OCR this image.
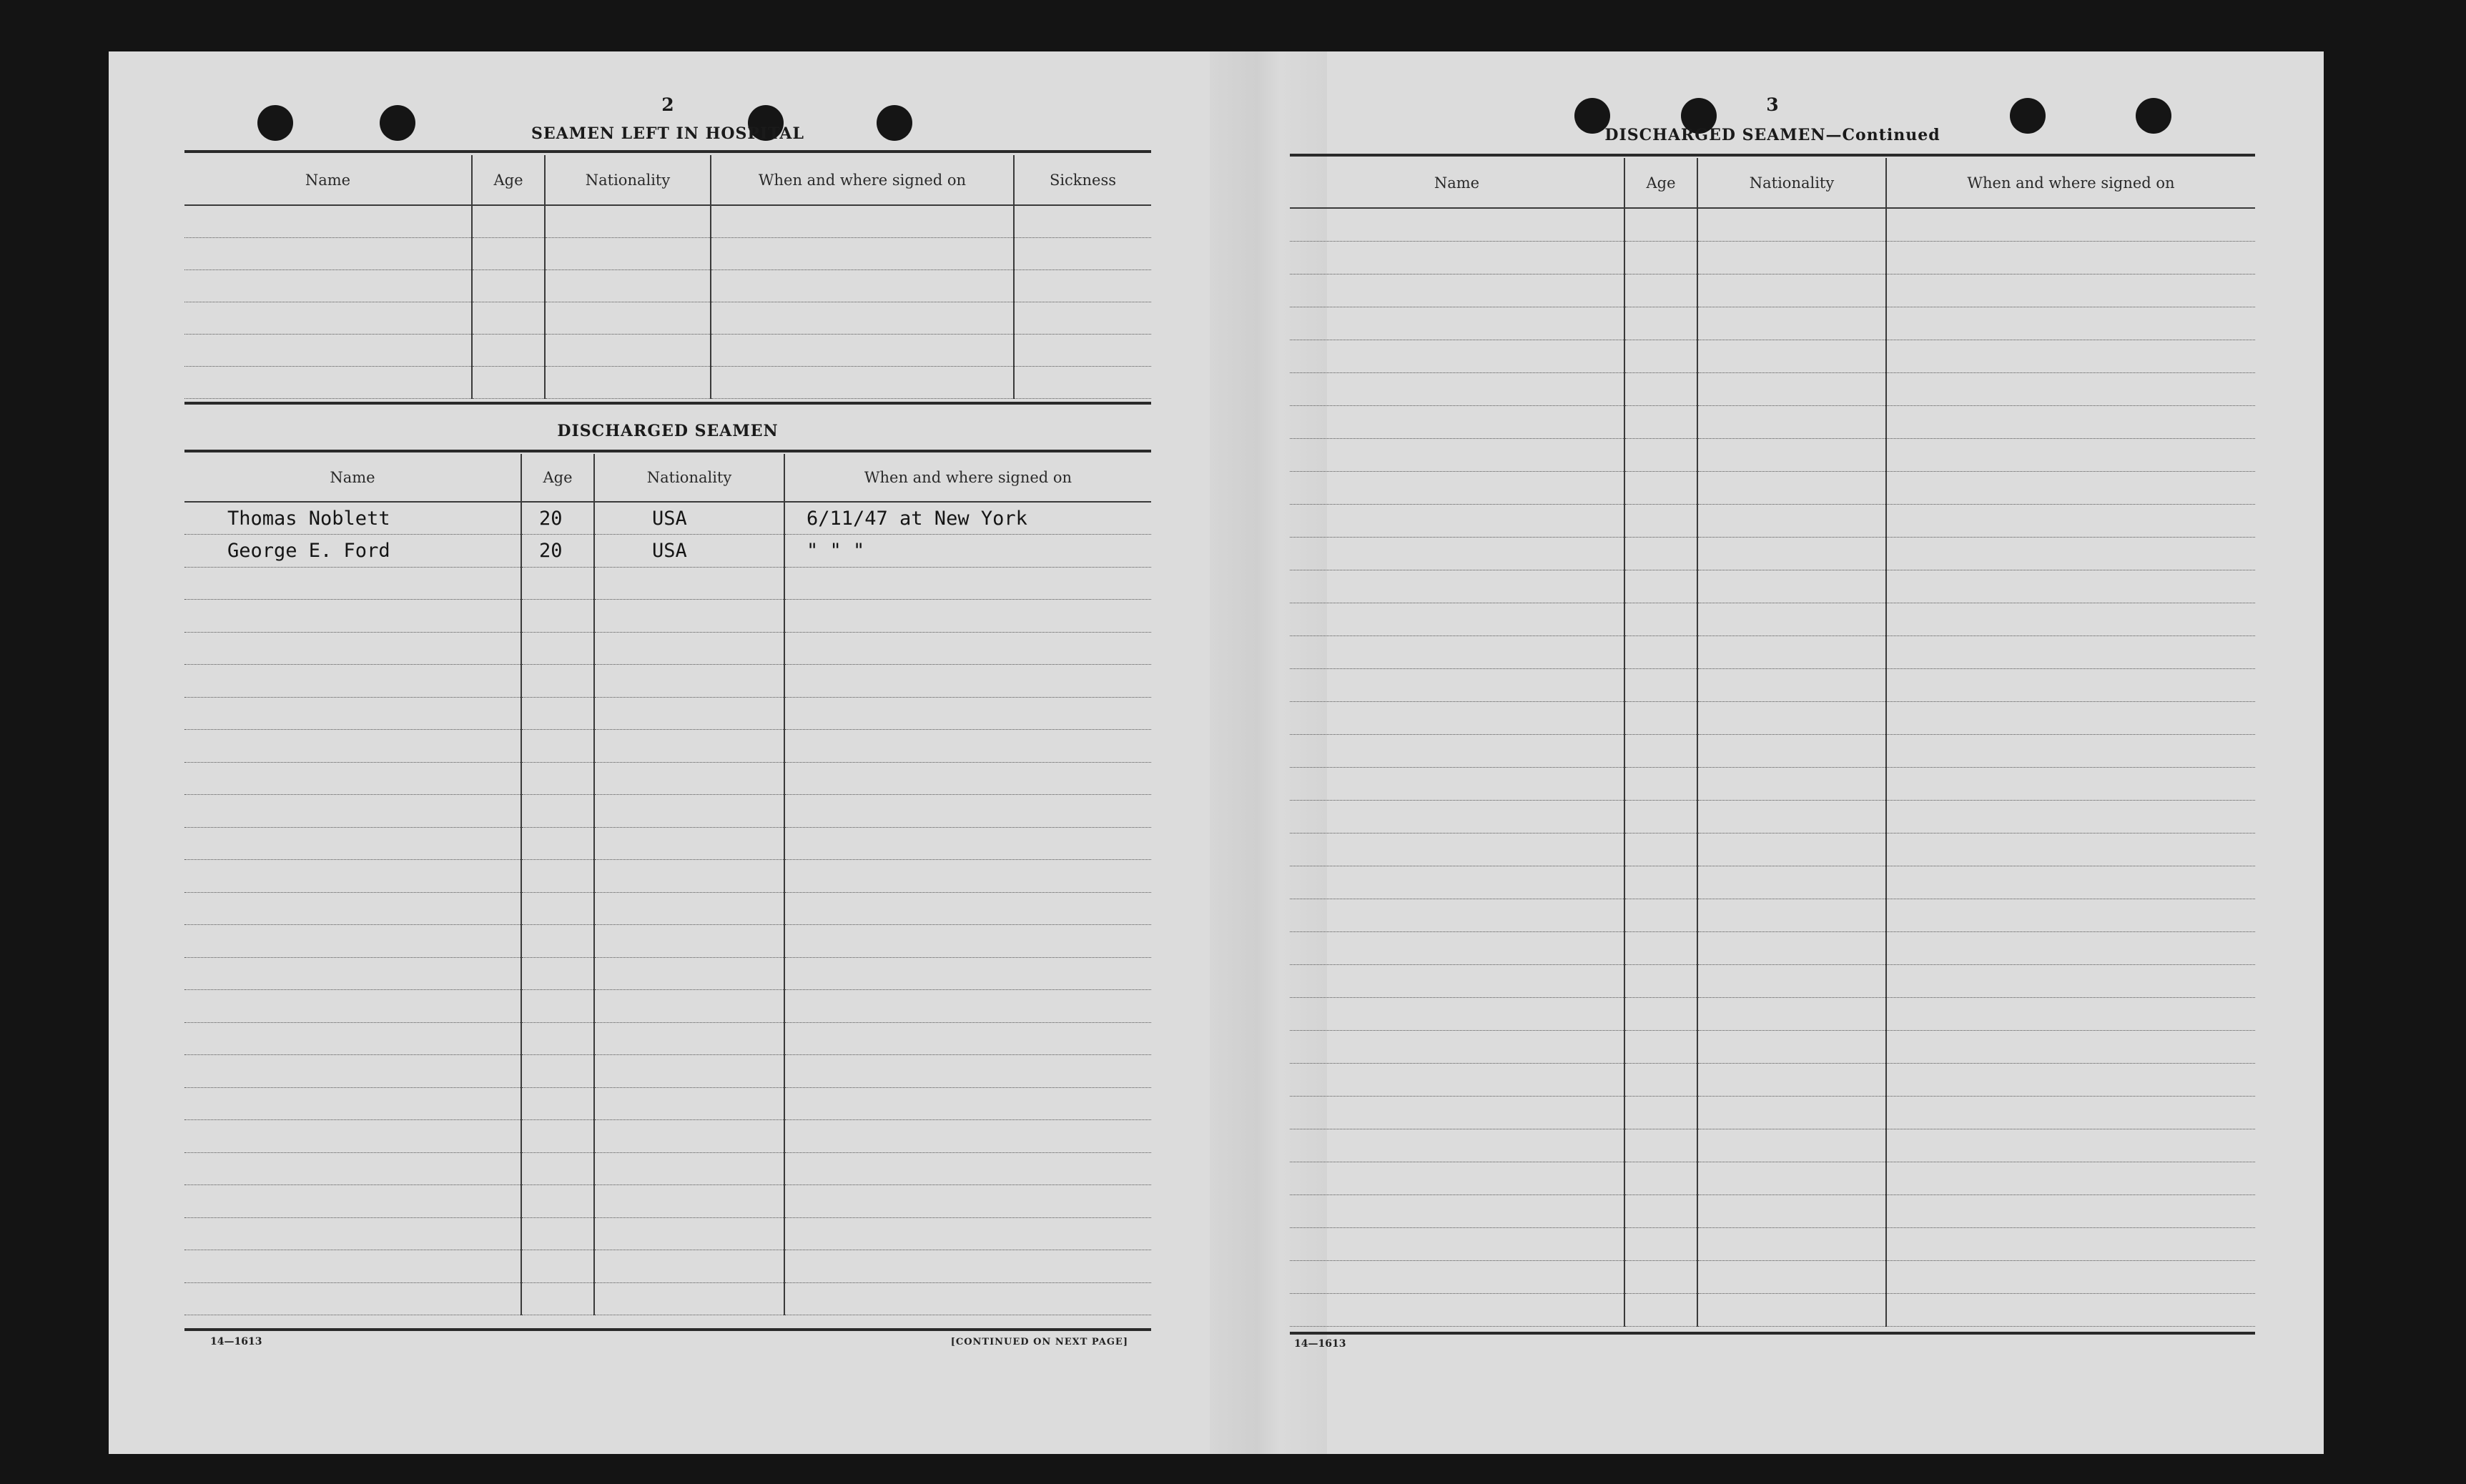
2
SEAMEN LEFT IN HOSPITAL
Name	Age	Nationality	When and where signed on	Sickness

DISCHARGED SEAMEN
Name	Age	Nationality	When and where signed on
Thomas Noblett	20	USA	6/11/47 at New York
George E. Ford	20	USA	" " "

14—1613	[CONTINUED ON NEXT PAGE]
3
DISCHARGED SEAMEN—Continued
Name	Age	Nationality	When and where signed on

14—1613
